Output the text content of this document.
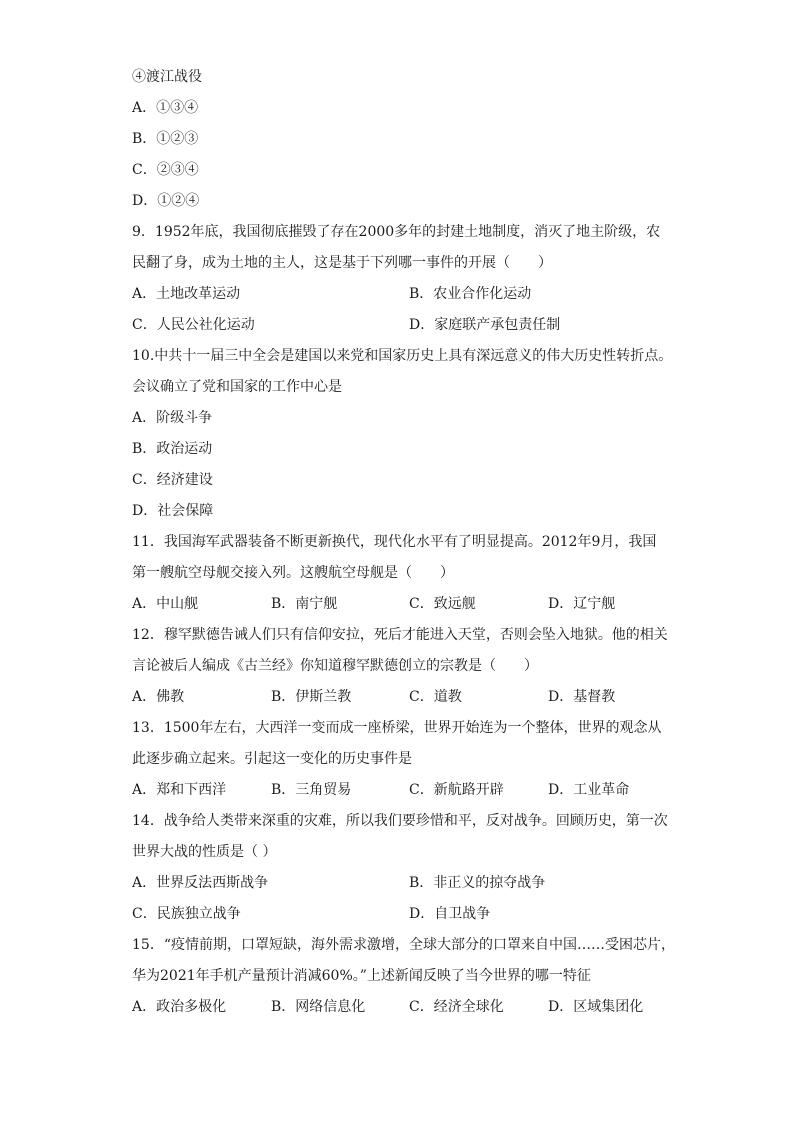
④渡江战役
A．①③④
B．①②③
C．②③④
D．①②④
9．1952年底，我国彻底摧毁了存在2000多年的封建土地制度，消灭了地主阶级，农
民翻了身，成为土地的主人，这是基于下列哪一事件的开展（　　）
A．土地改革运动	B．农业合作化运动
C．人民公社化运动	D．家庭联产承包责任制
10.中共十一届三中全会是建国以来党和国家历史上具有深远意义的伟大历史性转折点。
会议确立了党和国家的工作中心是
A．阶级斗争
B．政治运动
C．经济建设
D．社会保障
11．我国海军武器装备不断更新换代，现代化水平有了明显提高。2012年9月，我国
第一艘航空母舰交接入列。这艘航空母舰是（　　）
A．中山舰	B．南宁舰	C．致远舰	D．辽宁舰
12．穆罕默德告诫人们只有信仰安拉，死后才能进入天堂，否则会坠入地狱。他的相关
言论被后人编成《古兰经》你知道穆罕默德创立的宗教是（　　）
A．佛教	B．伊斯兰教	C．道教	D．基督教
13．1500年左右，大西洋一变而成一座桥梁，世界开始连为一个整体，世界的观念从
此逐步确立起来。引起这一变化的历史事件是
A．郑和下西洋	B．三角贸易	C．新航路开辟	D．工业革命
14．战争给人类带来深重的灾难，所以我们要珍惜和平，反对战争。回顾历史，第一次
世界大战的性质是（ ）
A．世界反法西斯战争	B．非正义的掠夺战争
C．民族独立战争	D．自卫战争
15．“疫情前期，口罩短缺，海外需求激增，全球大部分的口罩来自中国……受困芯片，
华为2021年手机产量预计消减60%。”上述新闻反映了当今世界的哪一特征
A．政治多极化	B．网络信息化	C．经济全球化	D．区域集团化
